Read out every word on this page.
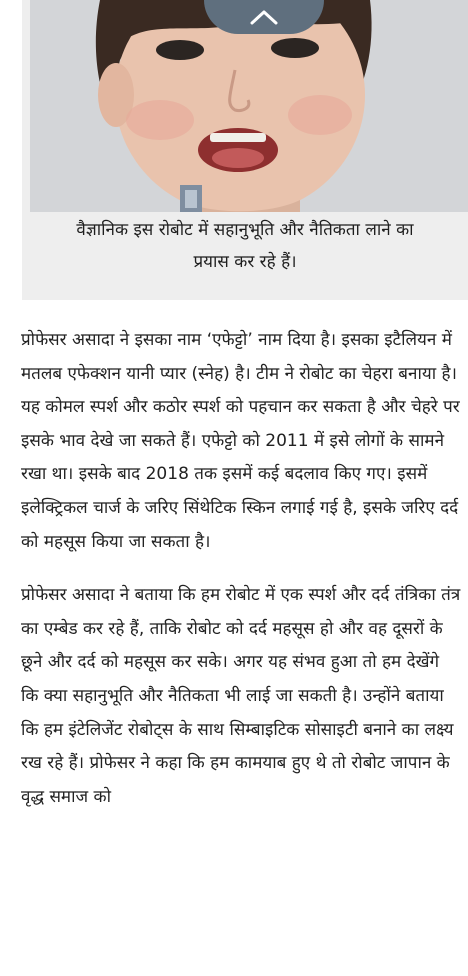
वैज्ञानिक इस रोबोट में सहानुभूति और नैतिकता लाने का

प्रयास कर रहे हैं।

प्रोफेसर असादा ने इसका नाम ‘एफेट्टो’ नाम दिया है। इसका इटैलियन में मतलब एफेक्शन यानी प्यार (स्नेह) है। टीम ने रोबोट का चेहरा बनाया है। यह कोमल स्पर्श और कठोर स्पर्श को पहचान कर सकता है और चेहरे पर इसके भाव देखे जा सकते हैं। एफेट्टो को 2011 में इसे लोगों के सामने रखा था। इसके बाद 2018 तक इसमें कई बदलाव किए गए। इसमें इलेक्ट्रिकल चार्ज के जरिए सिंथेटिक स्किन लगाई गई है, इसके जरिए दर्द को महसूस किया जा सकता है।

प्रोफेसर असादा ने बताया कि हम रोबोट में एक स्पर्श और दर्द तंत्रिका तंत्र का एम्बेड कर रहे हैं, ताकि रोबोट को दर्द महसूस हो और वह दूसरों के छूने और दर्द को महसूस कर सके। अगर यह संभव हुआ तो हम देखेंगे कि क्या सहानुभूति और नैतिकता भी लाई जा सकती है। उन्होंने बताया कि हम इंटेलिजेंट रोबोट्स के साथ सिम्बाइटिक सोसाइटी बनाने का लक्ष्य रख रहे हैं। प्रोफेसर ने कहा कि हम कामयाब हुए थे तो रोबोट जापान के वृद्ध समाज को
